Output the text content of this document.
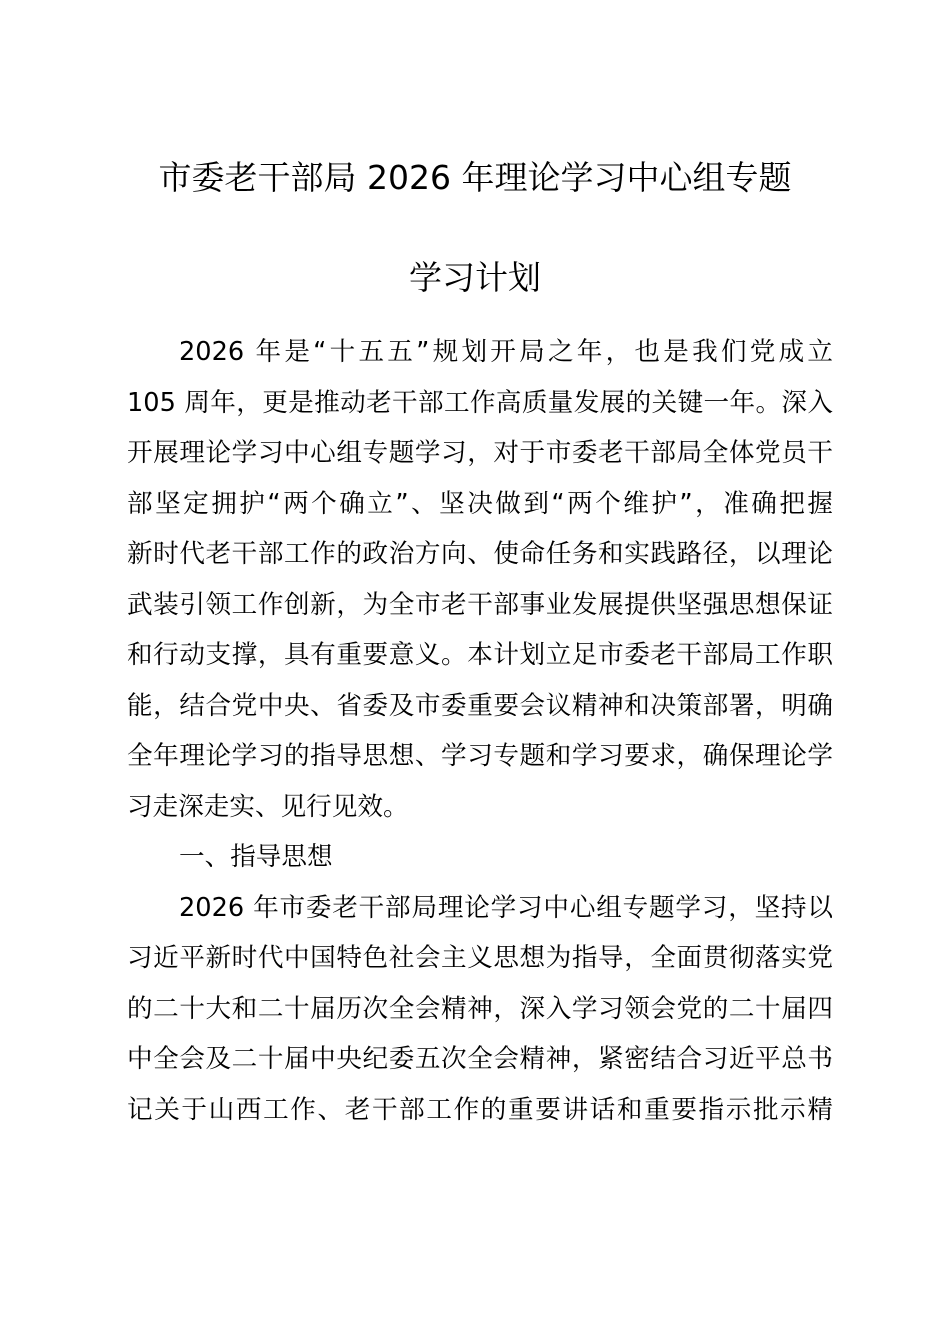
市委老干部局 2026 年理论学习中心组专题
学习计划
2026 年是“十五五”规划开局之年，也是我们党成立
105 周年，更是推动老干部工作高质量发展的关键一年。深入
开展理论学习中心组专题学习，对于市委老干部局全体党员干
部坚定拥护“两个确立”、坚决做到“两个维护”，准确把握
新时代老干部工作的政治方向、使命任务和实践路径，以理论
武装引领工作创新，为全市老干部事业发展提供坚强思想保证
和行动支撑，具有重要意义。本计划立足市委老干部局工作职
能，结合党中央、省委及市委重要会议精神和决策部署，明确
全年理论学习的指导思想、学习专题和学习要求，确保理论学
习走深走实、见行见效。
一、指导思想
2026 年市委老干部局理论学习中心组专题学习，坚持以
习近平新时代中国特色社会主义思想为指导，全面贯彻落实党
的二十大和二十届历次全会精神，深入学习领会党的二十届四
中全会及二十届中央纪委五次全会精神，紧密结合习近平总书
记关于山西工作、老干部工作的重要讲话和重要指示批示精
